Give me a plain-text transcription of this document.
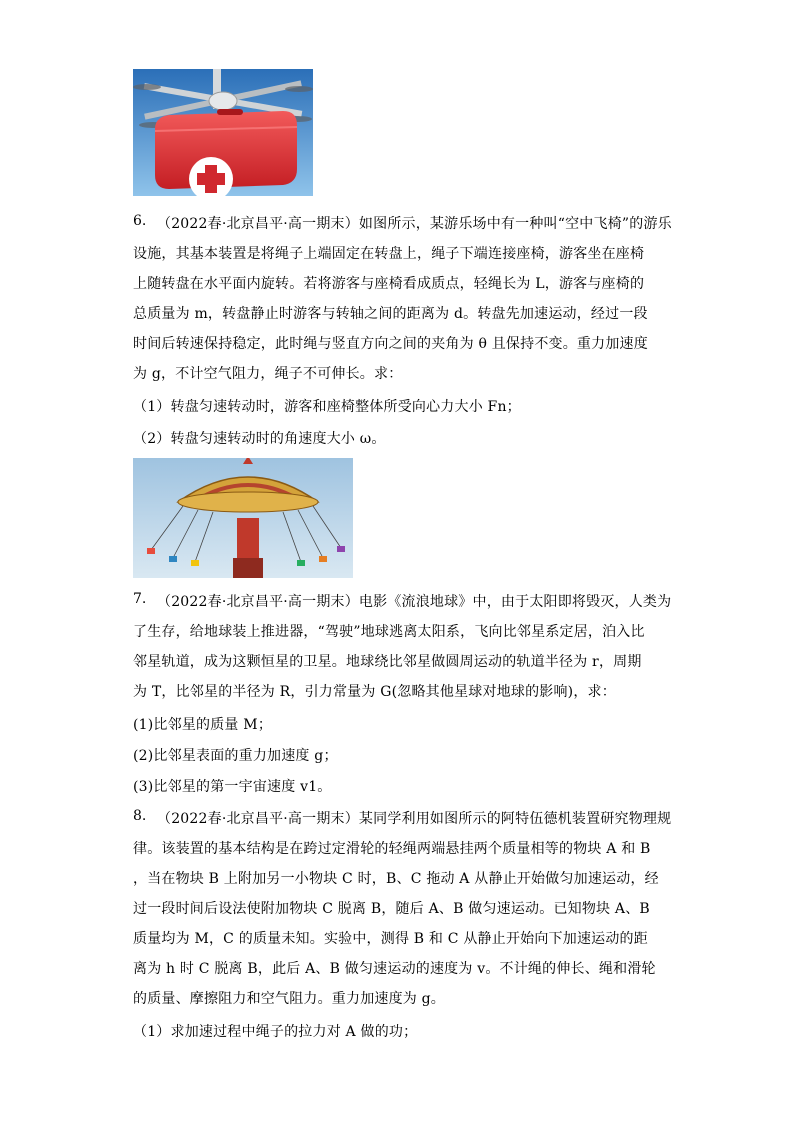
6. （2022春·北京昌平·高一期末）如图所示，某游乐场中有一种叫“空中飞椅”的游乐
设施，其基本装置是将绳子上端固定在转盘上，绳子下端连接座椅，游客坐在座椅
上随转盘在水平面内旋转。若将游客与座椅看成质点，轻绳长为 L，游客与座椅的
总质量为 m，转盘静止时游客与转轴之间的距离为 d。转盘先加速运动，经过一段
时间后转速保持稳定，此时绳与竖直方向之间的夹角为 θ 且保持不变。重力加速度
为 g，不计空气阻力，绳子不可伸长。求：
（1）转盘匀速转动时，游客和座椅整体所受向心力大小 Fn；
（2）转盘匀速转动时的角速度大小 ω。
7. （2022春·北京昌平·高一期末）电影《流浪地球》中，由于太阳即将毁灭，人类为
了生存，给地球装上推进器，“驾驶”地球逃离太阳系，飞向比邻星系定居，泊入比
邻星轨道，成为这颗恒星的卫星。地球绕比邻星做圆周运动的轨道半径为 r，周期
为 T，比邻星的半径为 R，引力常量为 G(忽略其他星球对地球的影响)，求：
(1)比邻星的质量 M；
(2)比邻星表面的重力加速度 g；
(3)比邻星的第一宇宙速度 v1。
8. （2022春·北京昌平·高一期末）某同学利用如图所示的阿特伍德机装置研究物理规
律。该装置的基本结构是在跨过定滑轮的轻绳两端悬挂两个质量相等的物块 A 和 B
，当在物块 B 上附加另一小物块 C 时，B、C 拖动 A 从静止开始做匀加速运动，经
过一段时间后设法使附加物块 C 脱离 B，随后 A、B 做匀速运动。已知物块 A、B
质量均为 M，C 的质量未知。实验中，测得 B 和 C 从静止开始向下加速运动的距
离为 h 时 C 脱离 B，此后 A、B 做匀速运动的速度为 v。不计绳的伸长、绳和滑轮
的质量、摩擦阻力和空气阻力。重力加速度为 g。
（1）求加速过程中绳子的拉力对 A 做的功；
